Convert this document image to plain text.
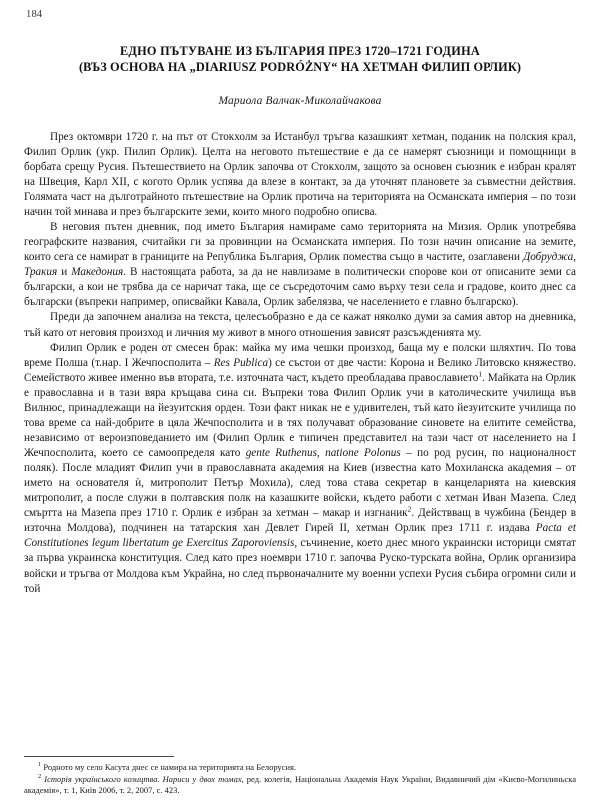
184
ЕДНО ПЪТУВАНЕ ИЗ БЪЛГАРИЯ ПРЕЗ 1720–1721 ГОДИНА
(ВЪЗ ОСНОВА НА „DIARIUSZ PODRÓŻNY“ НА ХЕТМАН ФИЛИП ОРЛИК)
Мариола Валчак-Миколайчакова

През октомври 1720 г. на път от Стокхолм за Истанбул тръгва казашкият хетман, поданик на полския крал, Филип Орлик (укр. Пилип Орлик). Целта на неговото пътешествие е да се намерят съюзници и помощници в борбата срещу Русия. Пътешествието на Орлик започва от Стокхолм, защото за основен съюзник е избран кралят на Швеция, Карл XII, с когото Орлик успява да влезе в контакт, за да уточнят плановете за съвместни действия. Голямата част на дълготрайното пътешествие на Орлик протича на територията на Османската империя – по този начин той минава и през българските земи, които много подробно описва.

В неговия пътен дневник, под името България намираме само територията на Мизия. Орлик употребява географските названия, считайки ги за провинции на Османската империя. По този начин описание на земите, които сега се намират в границите на Република България, Орлик помества също в частите, озаглавени Добруджа, Тракия и Македония. В настоящата работа, за да не навлизаме в политически спорове кои от описаните земи са български, а кои не трябва да се наричат така, ще се съсредоточим само върху тези села и градове, които днес са български (въпреки например, описвайки Кавала, Орлик забелязва, че населението е главно българско).

Преди да започнем анализа на текста, целесъобразно е да се кажат няколко думи за самия автор на дневника, тъй като от неговия произход и личния му живот в много отношения зависят разсъжденията му.

Филип Орлик е роден от смесен брак: майка му има чешки произход, баща му е полски шляхтич. По това време Полша (т.нар. I Жечпосполита – Res Publica) се състои от две части: Корона и Велико Литовско княжество. Семейството живее именно във втората, т.е. източната част, където преобладава православието$^1$. Майката на Орлик е православна и в тази вяра кръщава сина си. Въпреки това Филип Орлик учи в католическите училища във Вилнюс, принадлежащи на йезуитския орден. Този факт никак не е удивителен, тъй като йезуитските училища по това време са най-добрите в цяла Жечпосполита и в тях получават образование синовете на елитите семейства, независимо от вероизповеданието им (Филип Орлик е типичен представител на тази част от населението на I Жечпосполита, което се самоопределя като gente Ruthenus, natione Polonus – по род русин, по националност поляк). После младият Филип учи в православната академия на Киев (известна като Мохиланска академия – от името на основателя ѝ, митрополит Петър Мохила), след това става секретар в канцеларията на киевския митрополит, а после служи в полтавския полк на казашките войски, където работи с хетман Иван Мазепа. След смъртта на Мазепа през 1710 г. Орлик е избран за хетман – макар и изгнаник$^2$. Действващ в чужбина (Бендер в източна Молдова), подчинен на татарския хан Девлет Гирей II, хетман Орлик през 1711 г. издава Pacta et Constitutiones legum libertatum ge Exercitus Zaporoviensis, съчинение, което днес много украински историци смятат за първа украинска конституция. След като през ноември 1710 г. започва Руско-турската война, Орлик организира войски и тръгва от Молдова към Украйна, но след първоначалните му военни успехи Русия събира огромни сили и той

$^1$ Родното му село Касута днес се намира на територията на Белорусия.

$^2$ Історія українського козицтва. Нариси у двох томах, ред. колегія, Національна Академія Наук України, Видавничий дім «Києво-Могилиньска академія», т. 1, Київ 2006, т. 2, 2007, с. 423.
